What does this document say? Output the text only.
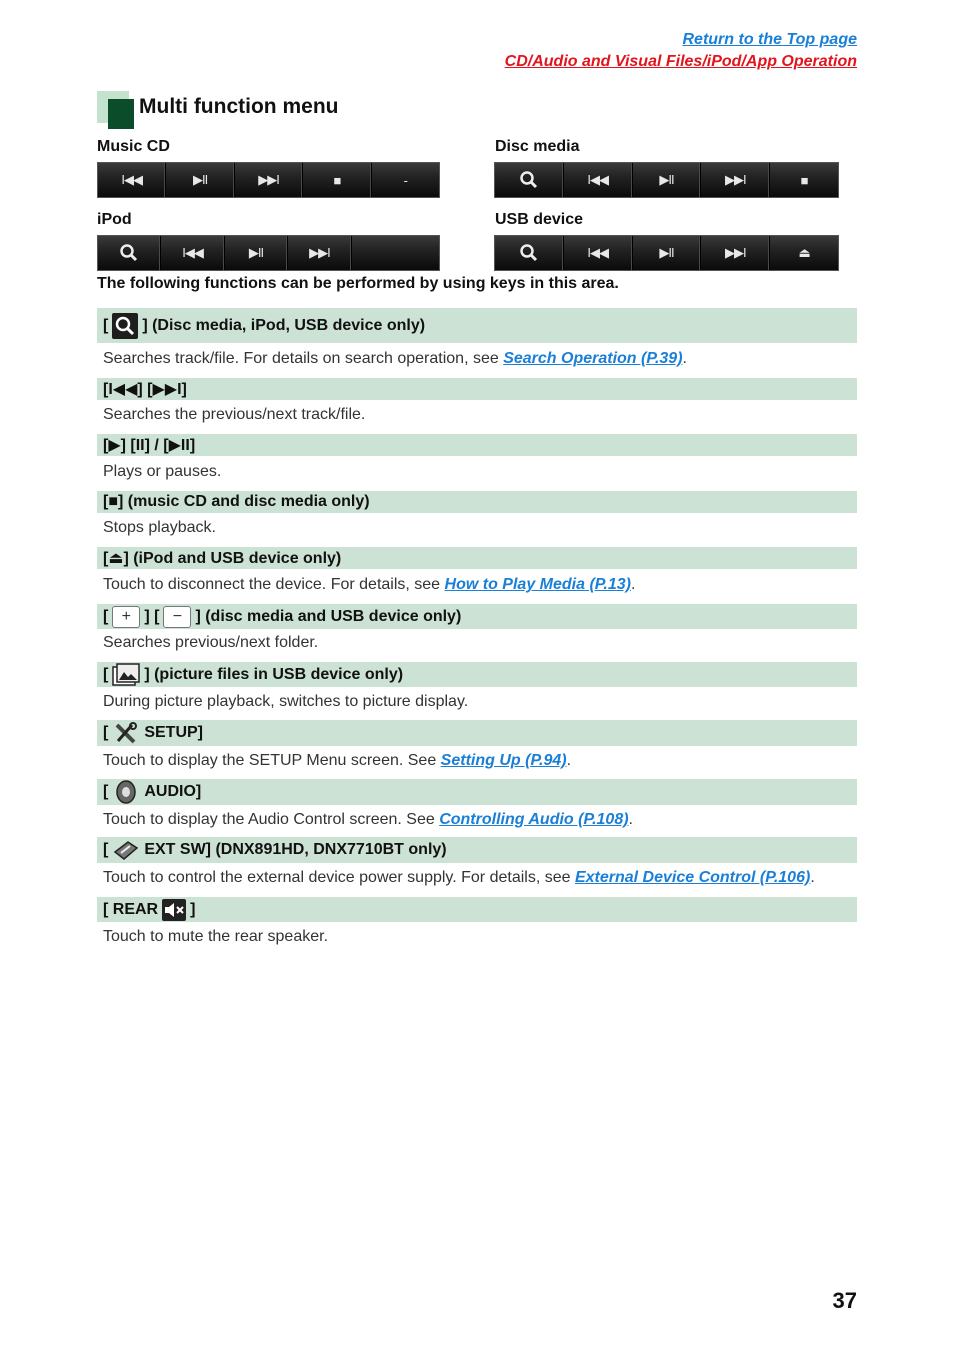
Return to the Top page
CD/Audio and Visual Files/iPod/App Operation
Multi function menu
Music CD	Disc media
iPod	USB device
I◀◀	▶II	▶▶I	■	-	I◀◀	▶II	▶▶I	■
I◀◀	▶II	▶▶I	I◀◀	▶II	▶▶I	⏏
The following functions can be performed by using keys in this area.
[ ] (Disc media, iPod, USB device only)
Searches track/file. For details on search operation, see Search Operation (P.39).
[I◀◀] [▶▶I]
Searches the previous/next track/file.
[▶] [II] / [▶II]
Plays or pauses.
[■] (music CD and disc media only)
Stops playback.
[⏏] (iPod and USB device only)
Touch to disconnect the device. For details, see How to Play Media (P.13).
[ + ] [ − ] (disc media and USB device only)
Searches previous/next folder.
[ ] (picture files in USB device only)
During picture playback, switches to picture display.
[ SETUP]
Touch to display the SETUP Menu screen. See Setting Up (P.94).
[ AUDIO]
Touch to display the Audio Control screen. See Controlling Audio (P.108).
[ EXT SW] (DNX891HD, DNX7710BT only)
Touch to control the external device power supply. For details, see External Device Control (P.106).
[ REAR ]
Touch to mute the rear speaker.
37
